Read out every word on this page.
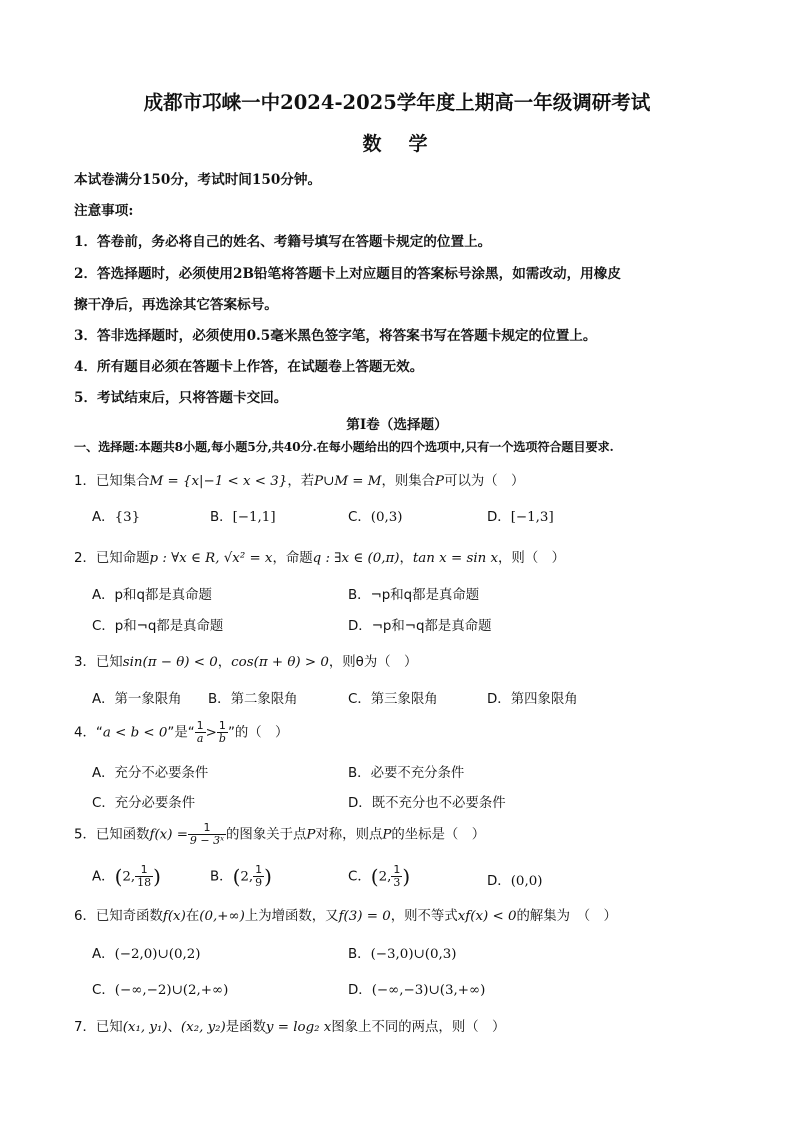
成都市邛崃一中2024-2025学年度上期高一年级调研考试
数　学
本试卷满分150分，考试时间150分钟。
注意事项:
1．答卷前，务必将自己的姓名、考籍号填写在答题卡规定的位置上。
2．答选择题时，必须使用2B铅笔将答题卡上对应题目的答案标号涂黑，如需改动，用橡皮
擦干净后，再选涂其它答案标号。
3．答非选择题时，必须使用0.5毫米黑色签字笔，将答案书写在答题卡规定的位置上。
4．所有题目必须在答题卡上作答，在试题卷上答题无效。
5．考试结束后，只将答题卡交回。
第Ⅰ卷（选择题）
一、选择题:本题共8小题,每小题5分,共40分.在每小题给出的四个选项中,只有一个选项符合题目要求.
1．已知集合M = {x|−1 < x < 3}，若P∪M = M，则集合P可以为（　）
A．{3}	B．[−1,1]	C．(0,3)	D．[−1,3]
2．已知命题p : ∀x ∈ R, √x² = x，命题q : ∃x ∈ (0,π)，tan x = sin x，则（　）
A．p和q都是真命题	B．¬p和q都是真命题
C．p和¬q都是真命题	D．¬p和¬q都是真命题
3．已知sin(π − θ) < 0，cos(π + θ) > 0，则θ为（　）
A．第一象限角 B．第二象限角	C．第三象限角	D．第四象限角
4．“a < b < 0”是“ $\frac{1}{a} > \frac{1}{b}$ ”的（　）
A．充分不必要条件	B．必要不充分条件
C．充分必要条件	D．既不充分也不必要条件
5．已知函数$f(x) = \frac{1}{\text{9 − 3ˣ}}$ 的图象关于点P对称，则点P的坐标是（　）
A．(2, $\frac{1}{18}$ )	B．(2, $\frac{1}{9}$ )	C．(2, $\frac{1}{3}$ )	D．(0,0)
6．已知奇函数f(x)在(0,+∞)上为增函数，又f(3) = 0，则不等式xf(x) < 0的解集为　（　）
A．(−2,0)∪(0,2)	B．(−3,0)∪(0,3)
C．(−∞,−2)∪(2,+∞)	D．(−∞,−3)∪(3,+∞)
7．已知(x₁, y₁)、(x₂, y₂)是函数y = log₂ x图象上不同的两点，则（　）
